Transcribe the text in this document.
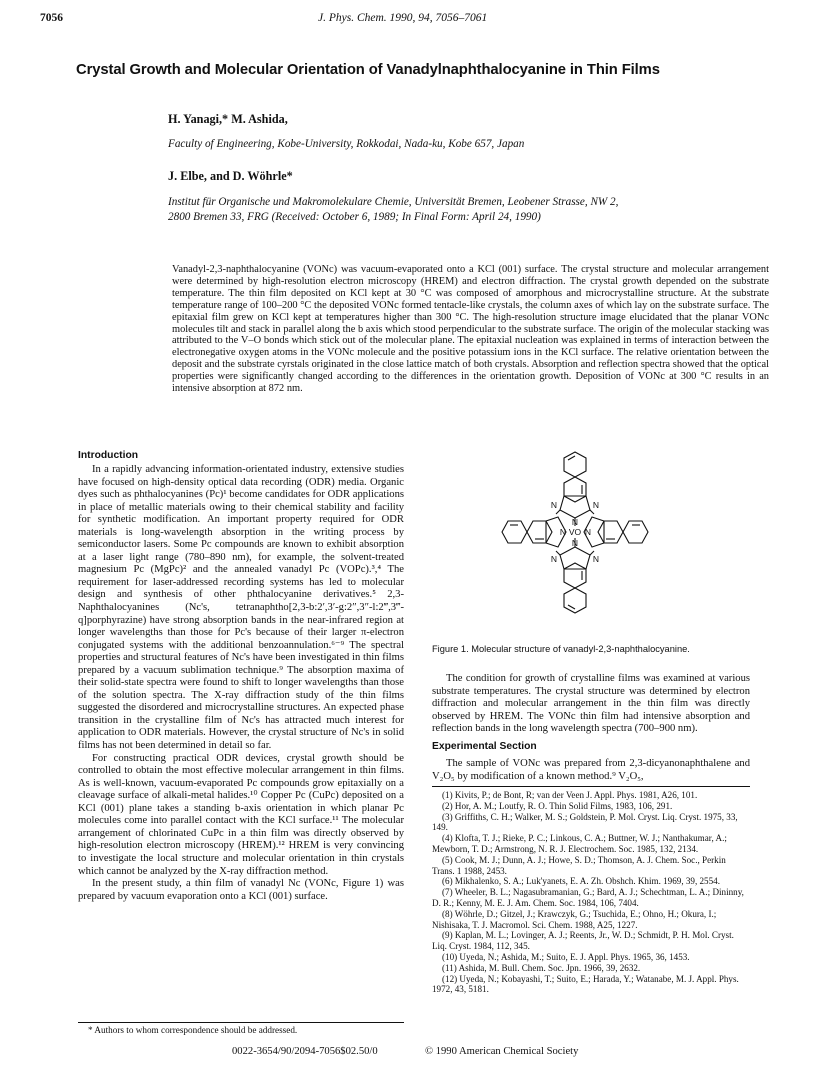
7056	J. Phys. Chem. 1990, 94, 7056–7061
Crystal Growth and Molecular Orientation of Vanadylnaphthalocyanine in Thin Films
H. Yanagi,* M. Ashida,
Faculty of Engineering, Kobe-University, Rokkodai, Nada-ku, Kobe 657, Japan
J. Elbe, and D. Wöhrle*
Institut für Organische und Makromolekulare Chemie, Universität Bremen, Leobener Strasse, NW 2,
2800 Bremen 33, FRG (Received: October 6, 1989; In Final Form: April 24, 1990)
Vanadyl-2,3-naphthalocyanine (VONc) was vacuum-evaporated onto a KCl (001) surface. The crystal structure and molecular arrangement were determined by high-resolution electron microscopy (HREM) and electron diffraction. The crystal growth depended on the substrate temperature. The thin film deposited on KCl kept at 30 °C was composed of amorphous and microcrystalline structure. At the substrate temperature range of 100–200 °C the deposited VONc formed tentacle-like crystals, the column axes of which lay on the substrate surface. The epitaxial film grew on KCl kept at temperatures higher than 300 °C. The high-resolution structure image elucidated that the planar VONc molecules tilt and stack in parallel along the b axis which stood perpendicular to the substrate surface. The origin of the molecular stacking was attributed to the V–O bonds which stick out of the molecular plane. The epitaxial nucleation was explained in terms of interaction between the electronegative oxygen atoms in the VONc molecule and the positive potassium ions in the KCl surface. The relative orientation between the deposit and the substrate cyrstals originated in the close lattice match of both crystals. Absorption and reflection spectra showed that the optical properties were significantly changed according to the differences in the orientation growth. Deposition of VONc at 300 °C results in an intensive absorption at 872 nm.
Introduction

In a rapidly advancing information-orientated industry, extensive studies have focused on high-density optical data recording (ODR) media. Organic dyes such as phthalocyanines (Pc)¹ become candidates for ODR applications in place of metallic materials owing to their chemical stability and facility for synthetic modification. An important property required for ODR materials is long-wavelength absorption in the writing process by semiconductor lasers. Some Pc compounds are known to exhibit absorption at a laser light range (780–890 nm), for example, the solvent-treated magnesium Pc (MgPc)² and the annealed vanadyl Pc (VOPc).³,⁴ The requirement for laser-addressed recording systems has led to molecular design and synthesis of other phthalocyanine derivatives.⁵ 2,3-Naphthalocyanines (Nc's, tetranaphtho[2,3-b:2′,3′-g:2″,3″-l:2‴,3‴-q]porphyrazine) have strong absorption bands in the near-infrared region at longer wavelengths than those for Pc's because of their larger π-electron conjugated systems with the additional benzoannulation.⁶⁻⁹ The spectral properties and structural features of Nc's have been investigated in thin films prepared by a vacuum sublimation technique.⁹ The absorption maxima of their solid-state spectra were found to shift to longer wavelengths than those of the solution spectra. The X-ray diffraction study of the thin films suggested the disordered and microcrystalline structures. An expected phase transition in the crystalline film of Nc's has attracted much interest for application to ODR materials. However, the crystal structure of Nc's in solid films has not been determined in detail so far.

For constructing practical ODR devices, crystal growth should be controlled to obtain the most effective molecular arrangement in thin films. As is well-known, vacuum-evaporated Pc compounds grow epitaxially on a cleavage surface of alkali-metal halides.¹⁰ Copper Pc (CuPc) deposited on a KCl (001) plane takes a standing b-axis orientation in which planar Pc molecules come into parallel contact with the KCl surface.¹¹ The molecular arrangement of chlorinated CuPc in a thin film was directly observed by high-resolution electron microscopy (HREM).¹² HREM is very convincing to investigate the local structure and molecular orientation in thin crystals which cannot be analyzed by the X-ray diffraction method.

In the present study, a thin film of vanadyl Nc (VONc, Figure 1) was prepared by vacuum evaporation onto a KCl (001) surface.

* Authors to whom correspondence should be addressed.
N	N
N	N
N
N
N N
VO
Figure 1. Molecular structure of vanadyl-2,3-naphthalocyanine.

The condition for growth of crystalline films was examined at various substrate temperatures. The crystal structure was determined by electron diffraction and molecular arrangement in the thin film was directly observed by HREM. The VONc thin film had intensive absorption and reflection bands in the long wavelength spectra (700–900 nm).

Experimental Section

The sample of VONc was prepared from 2,3-dicyanonaphthalene and V₂O₅ by modification of a known method.⁹ V₂O₅,

(1) Kivits, P.; de Bont, R; van der Veen J. Appl. Phys. 1981, A26, 101.
(2) Hor, A. M.; Loutfy, R. O. Thin Solid Films, 1983, 106, 291.
(3) Griffiths, C. H.; Walker, M. S.; Goldstein, P. Mol. Cryst. Liq. Cryst. 1975, 33, 149.
(4) Klofta, T. J.; Rieke, P. C.; Linkous, C. A.; Buttner, W. J.; Nanthakumar, A.; Mewborn, T. D.; Armstrong, N. R. J. Electrochem. Soc. 1985, 132, 2134.
(5) Cook, M. J.; Dunn, A. J.; Howe, S. D.; Thomson, A. J. Chem. Soc., Perkin Trans. 1 1988, 2453.
(6) Mikhalenko, S. A.; Luk'yanets, E. A. Zh. Obshch. Khim. 1969, 39, 2554.
(7) Wheeler, B. L.; Nagasubramanian, G.; Bard, A. J.; Schechtman, L. A.; Dininny, D. R.; Kenny, M. E. J. Am. Chem. Soc. 1984, 106, 7404.
(8) Wöhrle, D.; Gitzel, J.; Krawczyk, G.; Tsuchida, E.; Ohno, H.; Okura, I.; Nishisaka, T. J. Macromol. Sci. Chem. 1988, A25, 1227.
(9) Kaplan, M. L.; Lovinger, A. J.; Reents, Jr., W. D.; Schmidt, P. H. Mol. Cryst. Liq. Cryst. 1984, 112, 345.
(10) Uyeda, N.; Ashida, M.; Suito, E. J. Appl. Phys. 1965, 36, 1453.
(11) Ashida, M. Bull. Chem. Soc. Jpn. 1966, 39, 2632.
(12) Uyeda, N.; Kobayashi, T.; Suito, E.; Harada, Y.; Watanabe, M. J. Appl. Phys. 1972, 43, 5181.
0022-3654/90/2094-7056$02.50/0	© 1990 American Chemical Society
